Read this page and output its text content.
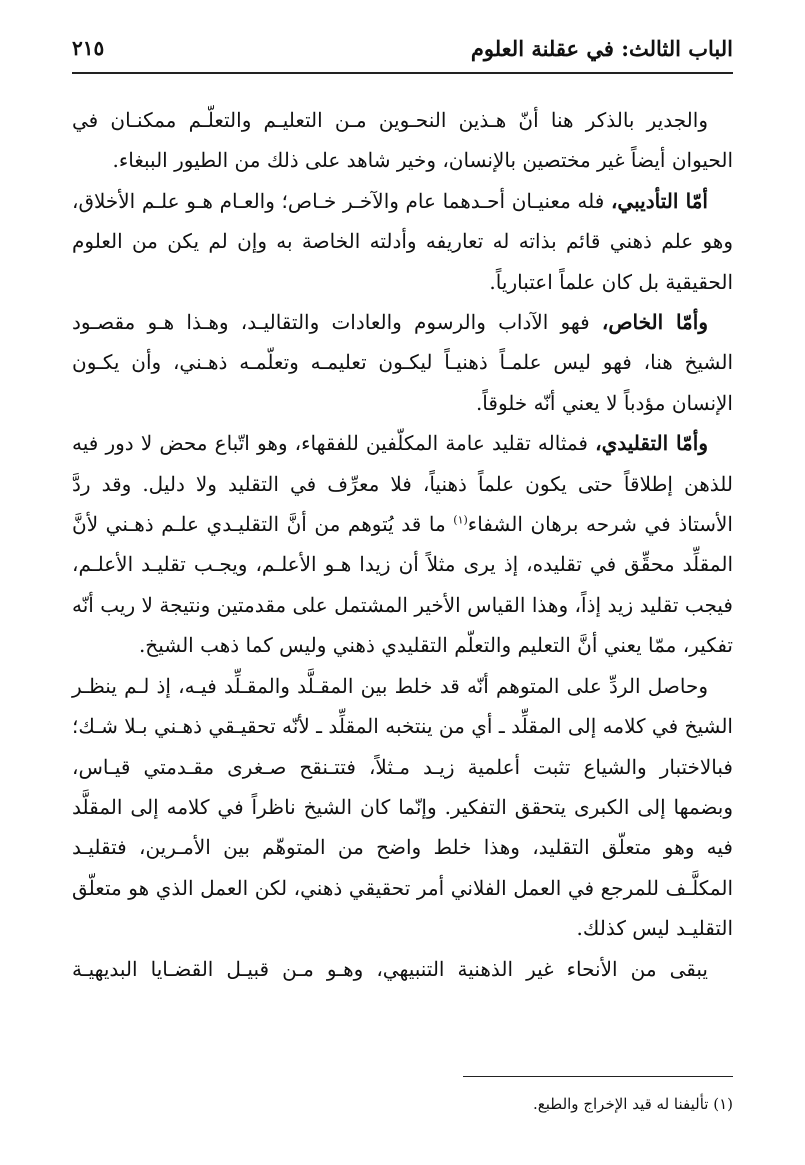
الباب الثالث: في عقلنة العلوم
٢١٥

والجدير بالذكر هنا أنّ هـذين النحـوين مـن التعليـم والتعلّـم ممكنـان في الحيوان أيضاً غير مختصين بالإنسان، وخير شاهد على ذلك من الطيور الببغاء.

أمّا التأديبي، فله معنيـان أحـدهما عام والآخـر خـاص؛ والعـام هـو علـم الأخلاق، وهو علم ذهني قائم بذاته له تعاريفه وأدلته الخاصة به وإن لم يكن من العلوم الحقيقية بل كان علماً اعتبارياً.

وأمّا الخاص، فهو الآداب والرسوم والعادات والتقاليـد، وهـذا هـو مقصـود الشيخ هنا، فهو ليس علمـاً ذهنيـاً ليكـون تعليمـه وتعلّمـه ذهـني، وأن يكـون الإنسان مؤدباً لا يعني أنّه خلوقاً.

وأمّا التقليدي، فمثاله تقليد عامة المكلّفين للفقهاء، وهو اتّباع محض لا دور فيه للذهن إطلاقاً حتى يكون علماً ذهنياً، فلا معرِّف في التقليد ولا دليل. وقد ردَّ الأستاذ في شرحه برهان الشفاء$^{(١)}$ ما قد يُتوهم من أنَّ التقليـدي علـم ذهـني لأنَّ المقلِّد محقِّق في تقليده، إذ يرى مثلاً أن زيدا هـو الأعلـم، ويجـب تقليـد الأعلـم، فيجب تقليد زيد إذاً، وهذا القياس الأخير المشتمل على مقدمتين ونتيجة لا ريب أنّه تفكير، ممّا يعني أنَّ التعليم والتعلّم التقليدي ذهني وليس كما ذهب الشيخ.

وحاصل الردِّ على المتوهم أنّه قد خلط بين المقـلَّد والمقـلِّد فيـه، إذ لـم ينظـر الشيخ في كلامه إلى المقلِّد ـ أي من ينتخبه المقلِّد ـ لأنّه تحقيـقي ذهـني بـلا شـك؛ فبالاختبار والشياع تثبت أعلمية زيـد مـثلاً، فتتـنقح صـغرى مقـدمتي قيـاس، وبضمها إلى الكبرى يتحقق التفكير. وإنّما كان الشيخ ناظراً في كلامه إلى المقلَّد فيه وهو متعلّق التقليد، وهذا خلط واضح من المتوهّم بين الأمـرين، فتقليـد المكلَّـف للمرجع في العمل الفلاني أمر تحقيقي ذهني، لكن العمل الذي هو متعلّق التقليـد ليس كذلك.

يبقى من الأنحاء غير الذهنية التنبيهي، وهـو مـن قبيـل القضـايا البديهيـة

(١) تأليفنا له قيد الإخراج والطبع.
